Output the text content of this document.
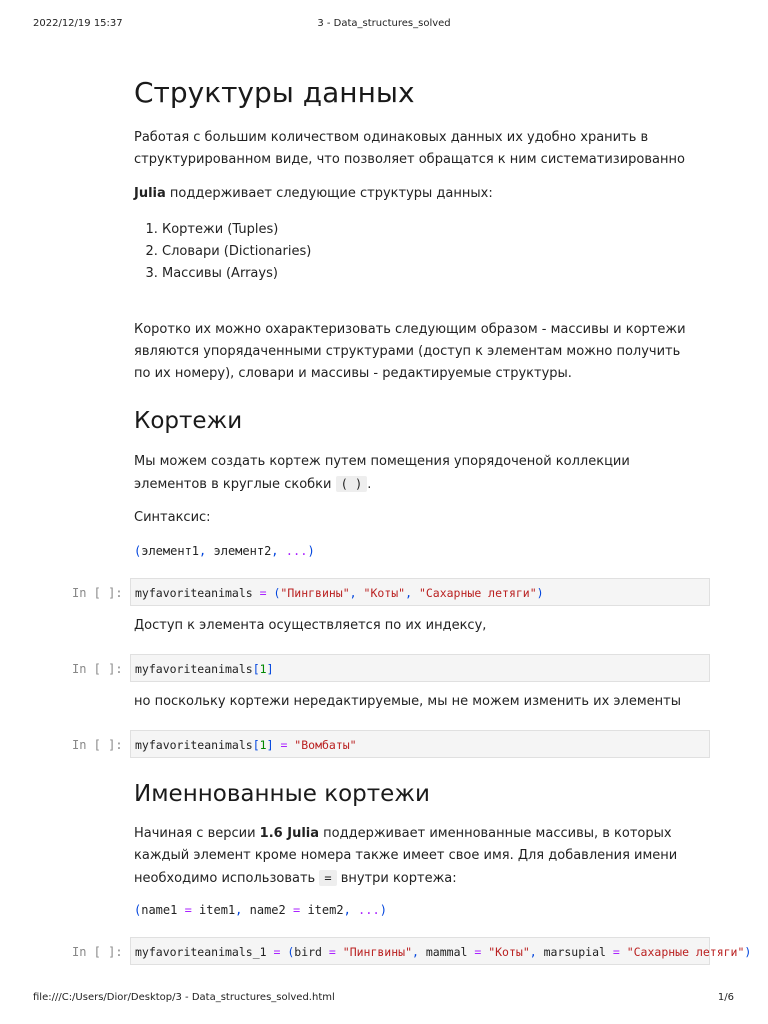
2022/12/19 15:37	3 - Data_structures_solved
Структуры данных

Работая с большим количеством одинаковых данных их удобно хранить в структурированном виде, что позволяет обращатся к ним систематизированно

Julia поддерживает следующие структуры данных:

1. Кортежи (Tuples)
2. Словари (Dictionaries)
3. Массивы (Arrays)

Коротко их можно охарактеризовать следующим образом - массивы и кортежи являются упорядаченными структурами (доступ к элементам можно получить по их номеру), словари и массивы - редактируемые структуры.

Кортежи

Мы можем создать кортеж путем помещения упорядоченой коллекции элементов в круглые скобки ( ) .

Синтаксис:

(элемент1, элемент2, ...)
In [ ]:	myfavoriteanimals = ("Пингвины", "Коты", "Сахарные летяги")

Доступ к элемента осуществляется по их индексу,

In [ ]:	myfavoriteanimals[1]

но поскольку кортежи нередактируемые, мы не можем изменить их элементы

In [ ]:	myfavoriteanimals[1] = "Вомбаты"
Именнованные кортежи

Начиная с версии 1.6 Julia поддерживает именнованные массивы, в которых каждый элемент кроме номера также имеет свое имя. Для добавления имени необходимо использовать = внутри кортежа:

(name1 = item1, name2 = item2, ...)
In [ ]:	myfavoriteanimals_1 = (bird = "Пингвины", mammal = "Коты", marsupial = "Сахарные летяги")
file:///C:/Users/Dior/Desktop/3 - Data_structures_solved.html	1/6
